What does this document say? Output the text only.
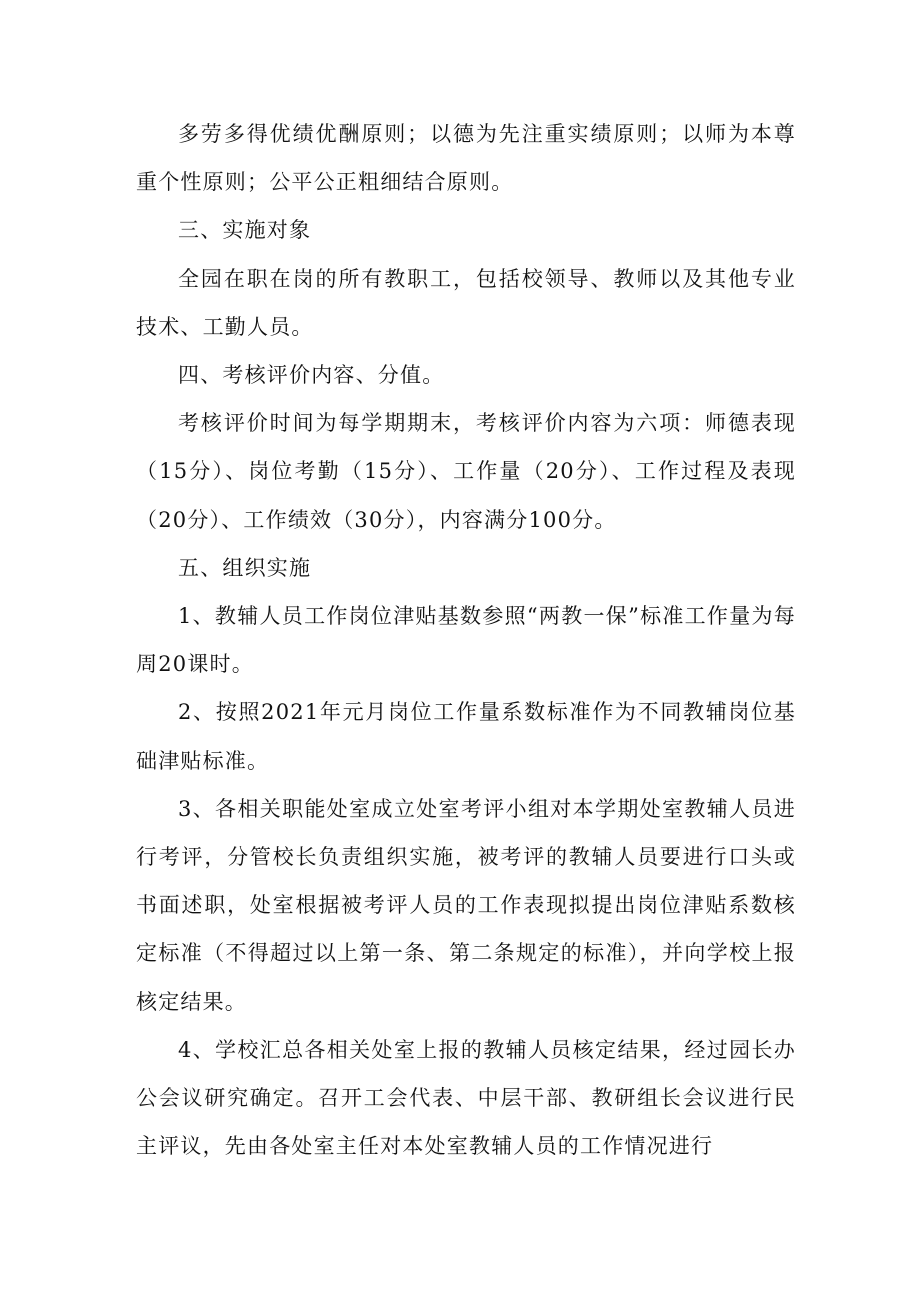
多劳多得优绩优酬原则；以德为先注重实绩原则；以师为本尊重个性原则；公平公正粗细结合原则。

三、实施对象

全园在职在岗的所有教职工，包括校领导、教师以及其他专业技术、工勤人员。

四、考核评价内容、分值。

考核评价时间为每学期期末，考核评价内容为六项：师德表现（15分）、岗位考勤（15分）、工作量（20分）、工作过程及表现（20分）、工作绩效（30分），内容满分100分。

五、组织实施

1、教辅人员工作岗位津贴基数参照“两教一保”标准工作量为每周20课时。

2、按照2021年元月岗位工作量系数标准作为不同教辅岗位基础津贴标准。

3、各相关职能处室成立处室考评小组对本学期处室教辅人员进行考评，分管校长负责组织实施，被考评的教辅人员要进行口头或书面述职，处室根据被考评人员的工作表现拟提出岗位津贴系数核定标准（不得超过以上第一条、第二条规定的标准），并向学校上报核定结果。

4、学校汇总各相关处室上报的教辅人员核定结果，经过园长办公会议研究确定。召开工会代表、中层干部、教研组长会议进行民主评议，先由各处室主任对本处室教辅人员的工作情况进行
